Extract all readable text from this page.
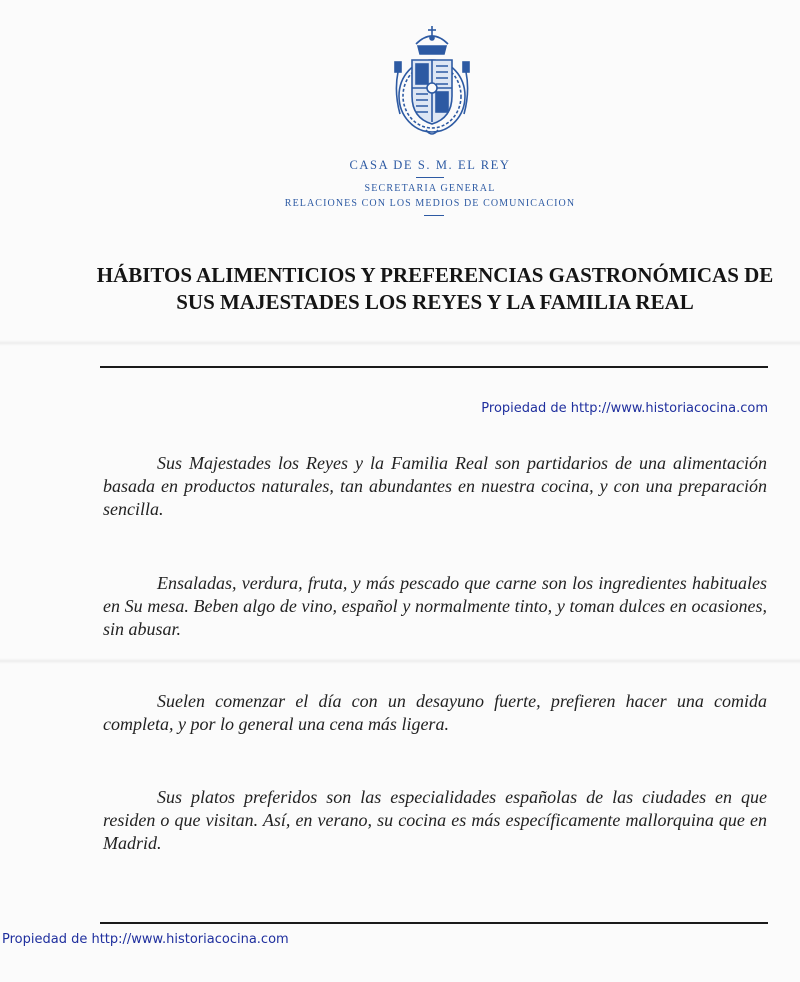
CASA DE S. M. EL REY
SECRETARIA GENERAL
RELACIONES CON LOS MEDIOS DE COMUNICACION
HÁBITOS ALIMENTICIOS Y PREFERENCIAS GASTRONÓMICAS DE SUS MAJESTADES LOS REYES Y LA FAMILIA REAL
Propiedad de http://www.historiacocina.com

Sus Majestades los Reyes y la Familia Real son partidarios de una alimentación basada en productos naturales, tan abundantes en nuestra cocina, y con una preparación sencilla.

Ensaladas, verdura, fruta, y más pescado que carne son los ingredientes habituales en Su mesa. Beben algo de vino, español y normalmente tinto, y toman dulces en ocasiones, sin abusar.

Suelen comenzar el día con un desayuno fuerte, prefieren hacer una comida completa, y por lo general una cena más ligera.

Sus platos preferidos son las especialidades españolas de las ciudades en que residen o que visitan. Así, en verano, su cocina es más específicamente mallorquina que en Madrid.

Propiedad de http://www.historiacocina.com
